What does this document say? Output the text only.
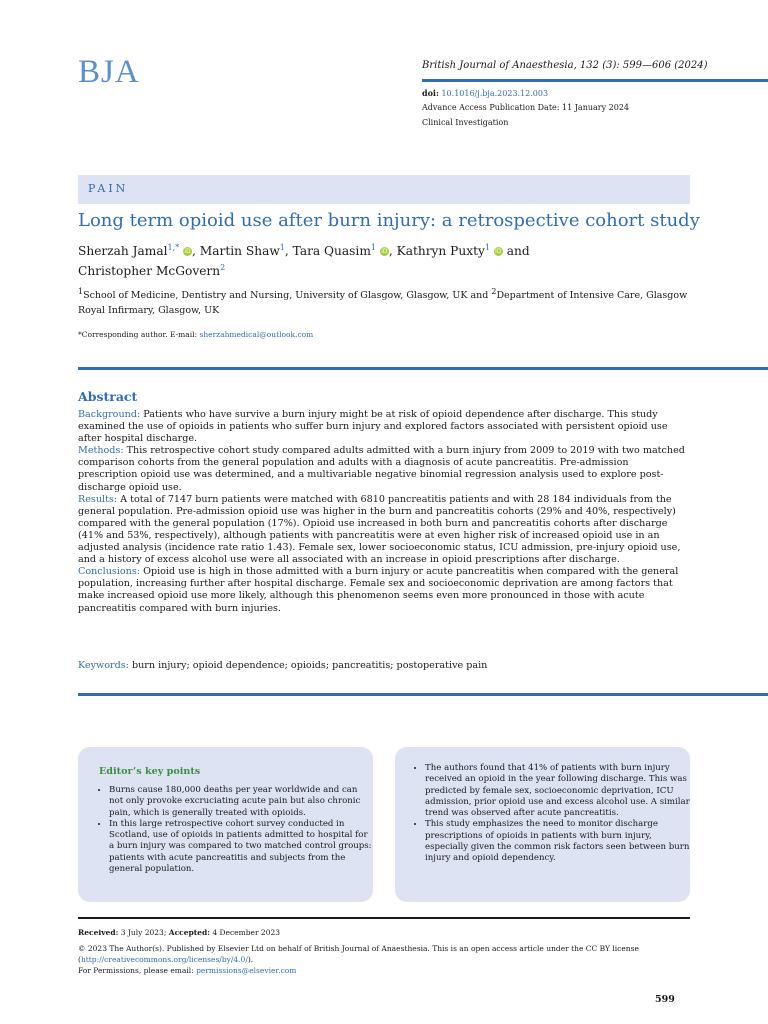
BJA	British Journal of Anaesthesia, 132 (3): 599—606 (2024)
doi: 10.1016/j.bja.2023.12.003
Advance Access Publication Date: 11 January 2024
Clinical Investigation
PAIN
Long term opioid use after burn injury: a retrospective cohort study
Sherzah Jamal$^{1,*}$ iD, Martin Shaw$^1$, Tara Quasim$^1$ iD, Kathryn Puxty$^1$ iD and
Christopher McGovern$^2$
$^1$School of Medicine, Dentistry and Nursing, University of Glasgow, Glasgow, UK and $^2$Department of Intensive Care, Glasgow Royal Infirmary, Glasgow, UK
*Corresponding author. E-mail: sherzahmedical@outlook.com
Abstract

Background: Patients who have survive a burn injury might be at risk of opioid dependence after discharge. This study examined the use of opioids in patients who suffer burn injury and explored factors associated with persistent opioid use after hospital discharge.

Methods: This retrospective cohort study compared adults admitted with a burn injury from 2009 to 2019 with two matched comparison cohorts from the general population and adults with a diagnosis of acute pancreatitis. Pre-admission prescription opioid use was determined, and a multivariable negative binomial regression analysis used to explore post-discharge opioid use.

Results: A total of 7147 burn patients were matched with 6810 pancreatitis patients and with 28 184 individuals from the general population. Pre-admission opioid use was higher in the burn and pancreatitis cohorts (29% and 40%, respectively) compared with the general population (17%). Opioid use increased in both burn and pancreatitis cohorts after discharge (41% and 53%, respectively), although patients with pancreatitis were at even higher risk of increased opioid use in an adjusted analysis (incidence rate ratio 1.43). Female sex, lower socioeconomic status, ICU admission, pre-injury opioid use, and a history of excess alcohol use were all associated with an increase in opioid prescriptions after discharge.

Conclusions: Opioid use is high in those admitted with a burn injury or acute pancreatitis when compared with the general population, increasing further after hospital discharge. Female sex and socioeconomic deprivation are among factors that make increased opioid use more likely, although this phenomenon seems even more pronounced in those with acute pancreatitis compared with burn injuries.

Keywords: burn injury; opioid dependence; opioids; pancreatitis; postoperative pain
Editor’s key points
• Burns cause 180,000 deaths per year worldwide and can not only provoke excruciating acute pain but also chronic pain, which is generally treated with opioids.
• In this large retrospective cohort survey conducted in Scotland, use of opioids in patients admitted to hospital for a burn injury was compared to two matched control groups: patients with acute pancreatitis and subjects from the general population.
• The authors found that 41% of patients with burn injury received an opioid in the year following discharge. This was predicted by female sex, socioeconomic deprivation, ICU admission, prior opioid use and excess alcohol use. A similar trend was observed after acute pancreatitis.
• This study emphasizes the need to monitor discharge prescriptions of opioids in patients with burn injury, especially given the common risk factors seen between burn injury and opioid dependency.
Received: 3 July 2023; Accepted: 4 December 2023
© 2023 The Author(s). Published by Elsevier Ltd on behalf of British Journal of Anaesthesia. This is an open access article under the CC BY license (http://creativecommons.org/licenses/by/4.0/).
For Permissions, please email: permissions@elsevier.com
599
